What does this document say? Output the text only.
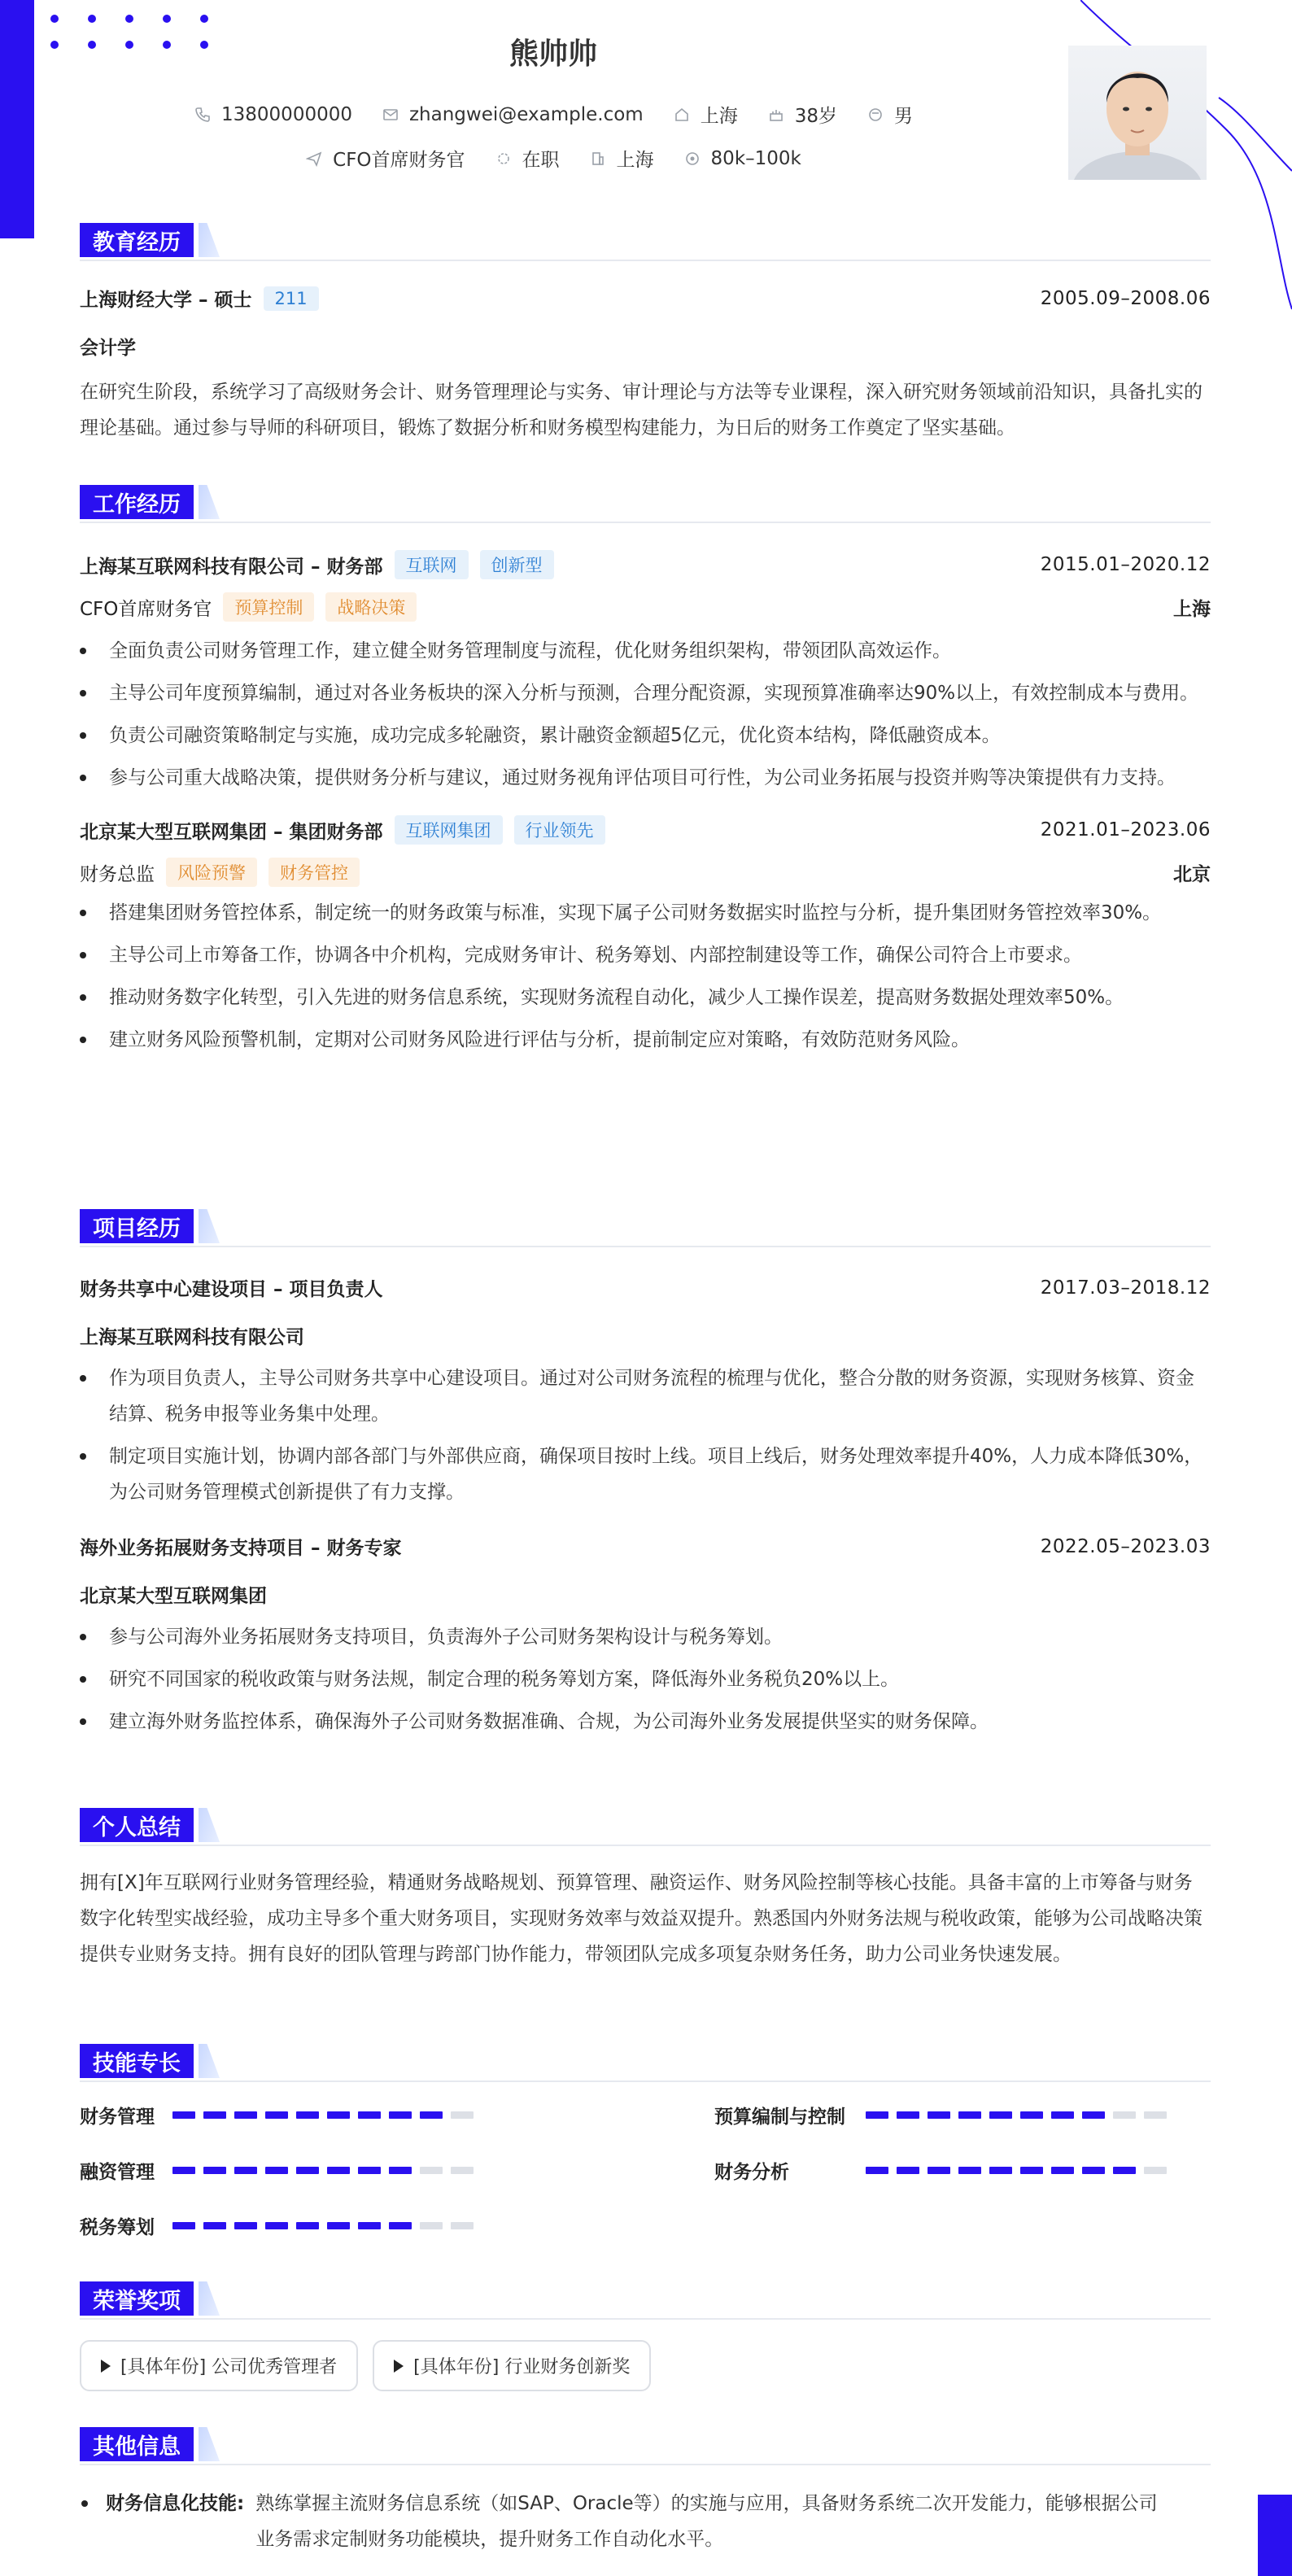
熊帅帅
13800000000	zhangwei@example.com	上海	38岁	男
CFO首席财务官	在职	上海	80k–100k
教育经历
上海财经大学 – 硕士	211	2005.09–2008.06
会计学
在研究生阶段，系统学习了高级财务会计、财务管理理论与实务、审计理论与方法等专业课程，深入研究财务领域前沿知识，具备扎实的理论基础。通过参与导师的科研项目，锻炼了数据分析和财务模型构建能力，为日后的财务工作奠定了坚实基础。
工作经历
上海某互联网科技有限公司 – 财务部	互联网	创新型	2015.01–2020.12
CFO首席财务官	预算控制	战略决策	上海
全面负责公司财务管理工作，建立健全财务管理制度与流程，优化财务组织架构，带领团队高效运作。
主导公司年度预算编制，通过对各业务板块的深入分析与预测，合理分配资源，实现预算准确率达90%以上，有效控制成本与费用。
负责公司融资策略制定与实施，成功完成多轮融资，累计融资金额超5亿元，优化资本结构，降低融资成本。
参与公司重大战略决策，提供财务分析与建议，通过财务视角评估项目可行性，为公司业务拓展与投资并购等决策提供有力支持。
北京某大型互联网集团 – 集团财务部	互联网集团	行业领先	2021.01–2023.06
财务总监	风险预警	财务管控	北京
搭建集团财务管控体系，制定统一的财务政策与标准，实现下属子公司财务数据实时监控与分析，提升集团财务管控效率30%。
主导公司上市筹备工作，协调各中介机构，完成财务审计、税务筹划、内部控制建设等工作，确保公司符合上市要求。
推动财务数字化转型，引入先进的财务信息系统，实现财务流程自动化，减少人工操作误差，提高财务数据处理效率50%。
建立财务风险预警机制，定期对公司财务风险进行评估与分析，提前制定应对策略，有效防范财务风险。
项目经历
财务共享中心建设项目 – 项目负责人	2017.03–2018.12
上海某互联网科技有限公司
作为项目负责人，主导公司财务共享中心建设项目。通过对公司财务流程的梳理与优化，整合分散的财务资源，实现财务核算、资金结算、税务申报等业务集中处理。
制定项目实施计划，协调内部各部门与外部供应商，确保项目按时上线。项目上线后，财务处理效率提升40%，人力成本降低30%，为公司财务管理模式创新提供了有力支撑。
海外业务拓展财务支持项目 – 财务专家	2022.05–2023.03
北京某大型互联网集团
参与公司海外业务拓展财务支持项目，负责海外子公司财务架构设计与税务筹划。
研究不同国家的税收政策与财务法规，制定合理的税务筹划方案，降低海外业务税负20%以上。
建立海外财务监控体系，确保海外子公司财务数据准确、合规，为公司海外业务发展提供坚实的财务保障。
个人总结
拥有[X]年互联网行业财务管理经验，精通财务战略规划、预算管理、融资运作、财务风险控制等核心技能。具备丰富的上市筹备与财务数字化转型实战经验，成功主导多个重大财务项目，实现财务效率与效益双提升。熟悉国内外财务法规与税收政策，能够为公司战略决策提供专业财务支持。拥有良好的团队管理与跨部门协作能力，带领团队完成多项复杂财务任务，助力公司业务快速发展。
技能专长
财务管理	预算编制与控制
融资管理	财务分析
税务筹划
荣誉奖项
[具体年份] 公司优秀管理者	[具体年份] 行业财务创新奖
其他信息
财务信息化技能: 熟练掌握主流财务信息系统（如SAP、Oracle等）的实施与应用，具备财务系统二次开发能力，能够根据公司
业务需求定制财务功能模块，提升财务工作自动化水平。
